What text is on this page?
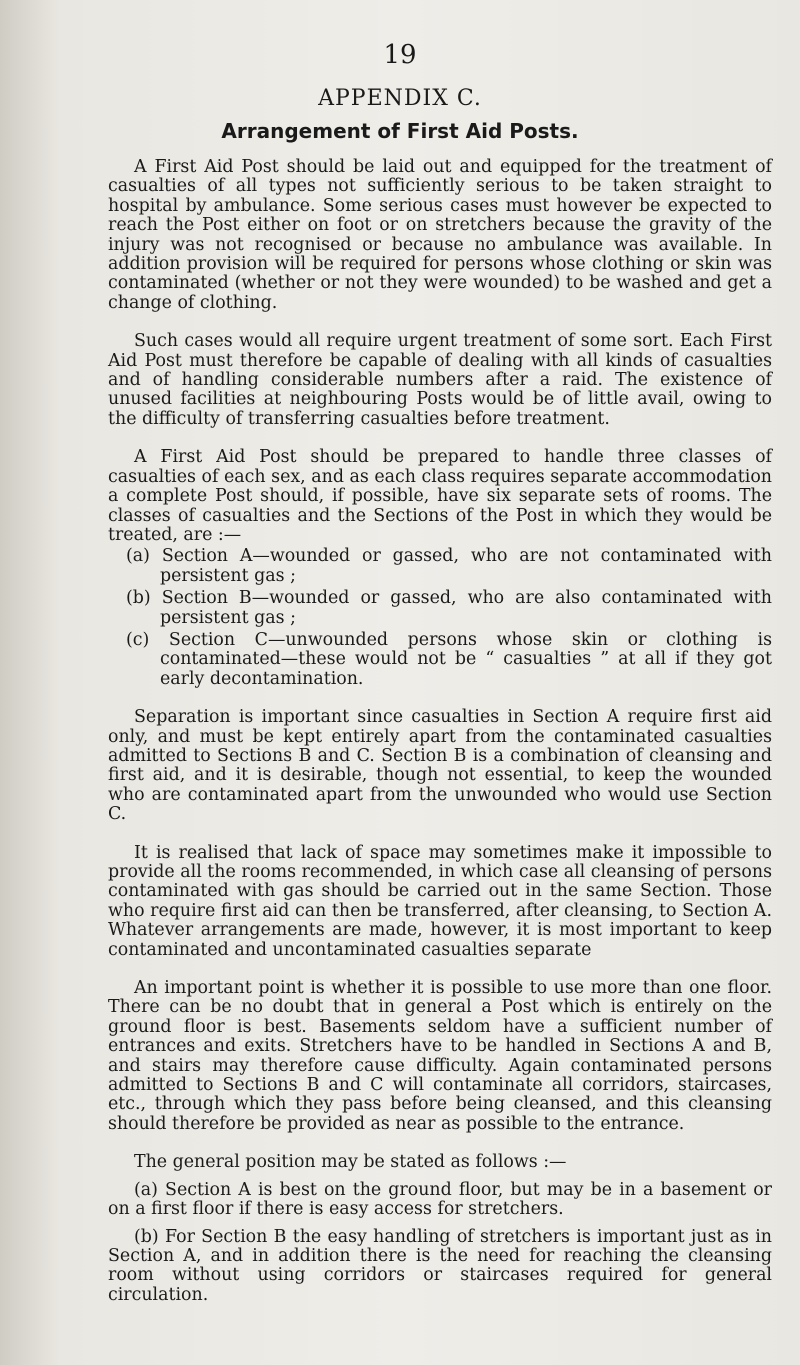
19
APPENDIX C.
Arrangement of First Aid Posts.

A First Aid Post should be laid out and equipped for the treatment of casualties of all types not sufficiently serious to be taken straight to hospital by ambulance. Some serious cases must however be expected to reach the Post either on foot or on stretchers because the gravity of the injury was not recognised or because no ambulance was available. In addition provision will be required for persons whose clothing or skin was contaminated (whether or not they were wounded) to be washed and get a change of clothing.

Such cases would all require urgent treatment of some sort. Each First Aid Post must therefore be capable of dealing with all kinds of casualties and of handling considerable numbers after a raid. The existence of unused facilities at neighbouring Posts would be of little avail, owing to the difficulty of transferring casualties before treatment.

A First Aid Post should be prepared to handle three classes of casualties of each sex, and as each class requires separate accommodation a complete Post should, if possible, have six separate sets of rooms. The classes of casualties and the Sections of the Post in which they would be treated, are :—

(a) Section A—wounded or gassed, who are not contaminated with persistent gas ;
(b) Section B—wounded or gassed, who are also contaminated with persistent gas ;
(c) Section C—unwounded persons whose skin or clothing is contaminated—these would not be “ casualties ” at all if they got early decontamination.

Separation is important since casualties in Section A require first aid only, and must be kept entirely apart from the contaminated casualties admitted to Sections B and C. Section B is a combination of cleansing and first aid, and it is desirable, though not essential, to keep the wounded who are contaminated apart from the unwounded who would use Section C.

It is realised that lack of space may sometimes make it impossible to provide all the rooms recommended, in which case all cleansing of persons contaminated with gas should be carried out in the same Section. Those who require first aid can then be transferred, after cleansing, to Section A. Whatever arrangements are made, however, it is most important to keep contaminated and uncontaminated casualties separate

An important point is whether it is possible to use more than one floor. There can be no doubt that in general a Post which is entirely on the ground floor is best. Basements seldom have a sufficient number of entrances and exits. Stretchers have to be handled in Sections A and B, and stairs may therefore cause difficulty. Again contaminated persons admitted to Sections B and C will contaminate all corridors, staircases, etc., through which they pass before being cleansed, and this cleansing should therefore be provided as near as possible to the entrance.

The general position may be stated as follows :—

(a) Section A is best on the ground floor, but may be in a basement or on a first floor if there is easy access for stretchers.
(b) For Section B the easy handling of stretchers is important just as in Section A, and in addition there is the need for reaching the cleansing room without using corridors or staircases required for general circulation.
